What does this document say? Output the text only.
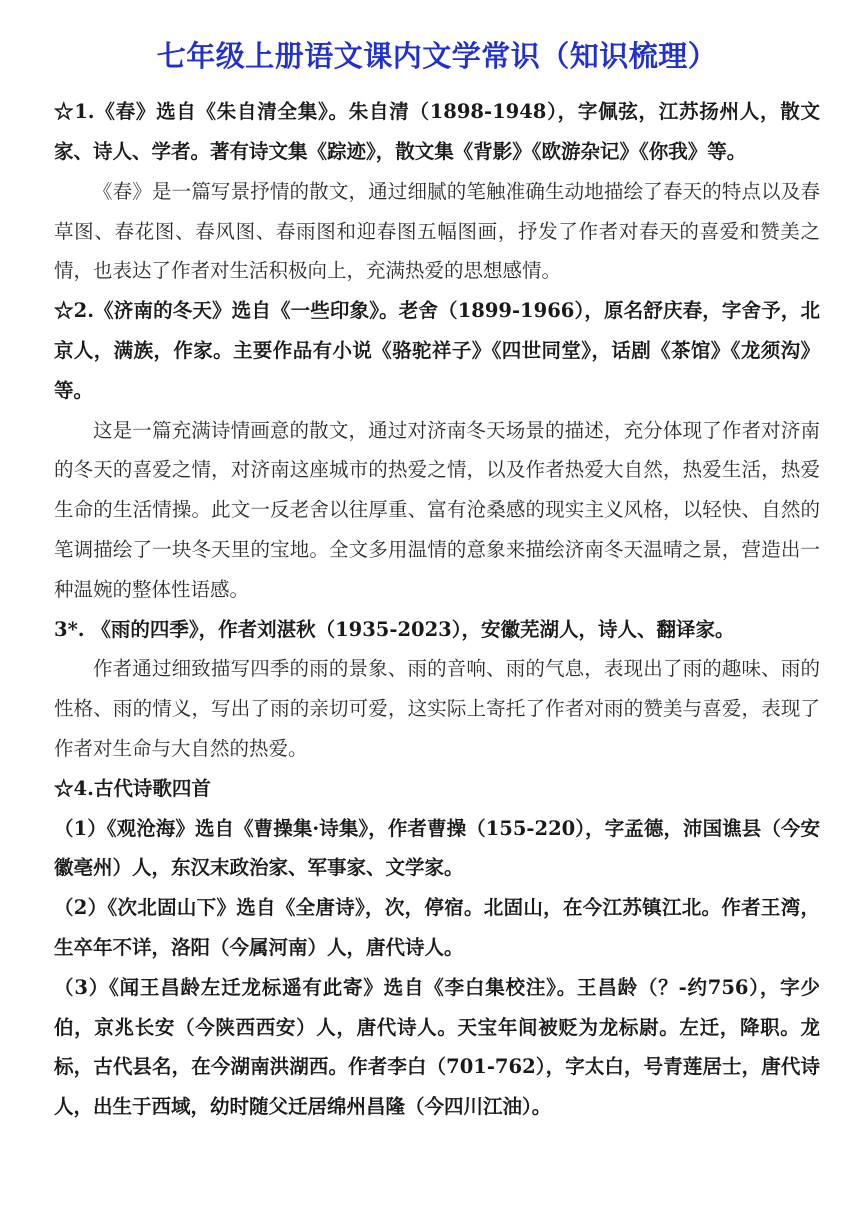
七年级上册语文课内文学常识（知识梳理）

☆1.《春》选自《朱自清全集》。朱自清（1898-1948），字佩弦，江苏扬州人，散文家、诗人、学者。著有诗文集《踪迹》，散文集《背影》《欧游杂记》《你我》等。

《春》是一篇写景抒情的散文，通过细腻的笔触准确生动地描绘了春天的特点以及春草图、春花图、春风图、春雨图和迎春图五幅图画，抒发了作者对春天的喜爱和赞美之情，也表达了作者对生活积极向上，充满热爱的思想感情。

☆2.《济南的冬天》选自《一些印象》。老舍（1899-1966），原名舒庆春，字舍予，北京人，满族，作家。主要作品有小说《骆驼祥子》《四世同堂》，话剧《茶馆》《龙须沟》等。

这是一篇充满诗情画意的散文，通过对济南冬天场景的描述，充分体现了作者对济南的冬天的喜爱之情，对济南这座城市的热爱之情，以及作者热爱大自然，热爱生活，热爱生命的生活情操。此文一反老舍以往厚重、富有沧桑感的现实主义风格，以轻快、自然的笔调描绘了一块冬天里的宝地。全文多用温情的意象来描绘济南冬天温晴之景，营造出一种温婉的整体性语感。

3*. 《雨的四季》，作者刘湛秋（1935-2023），安徽芜湖人，诗人、翻译家。

作者通过细致描写四季的雨的景象、雨的音响、雨的气息，表现出了雨的趣味、雨的性格、雨的情义，写出了雨的亲切可爱，这实际上寄托了作者对雨的赞美与喜爱，表现了作者对生命与大自然的热爱。

☆4.古代诗歌四首

（1）《观沧海》选自《曹操集·诗集》，作者曹操（155-220），字孟德，沛国谯县（今安徽亳州）人，东汉末政治家、军事家、文学家。

（2）《次北固山下》选自《全唐诗》，次，停宿。北固山，在今江苏镇江北。作者王湾，生卒年不详，洛阳（今属河南）人，唐代诗人。

（3）《闻王昌龄左迁龙标遥有此寄》选自《李白集校注》。王昌龄（？-约756），字少伯，京兆长安（今陕西西安）人，唐代诗人。天宝年间被贬为龙标尉。左迁，降职。龙标，古代县名，在今湖南洪湖西。作者李白（701-762），字太白，号青莲居士，唐代诗人，出生于西域，幼时随父迁居绵州昌隆（今四川江油）。
